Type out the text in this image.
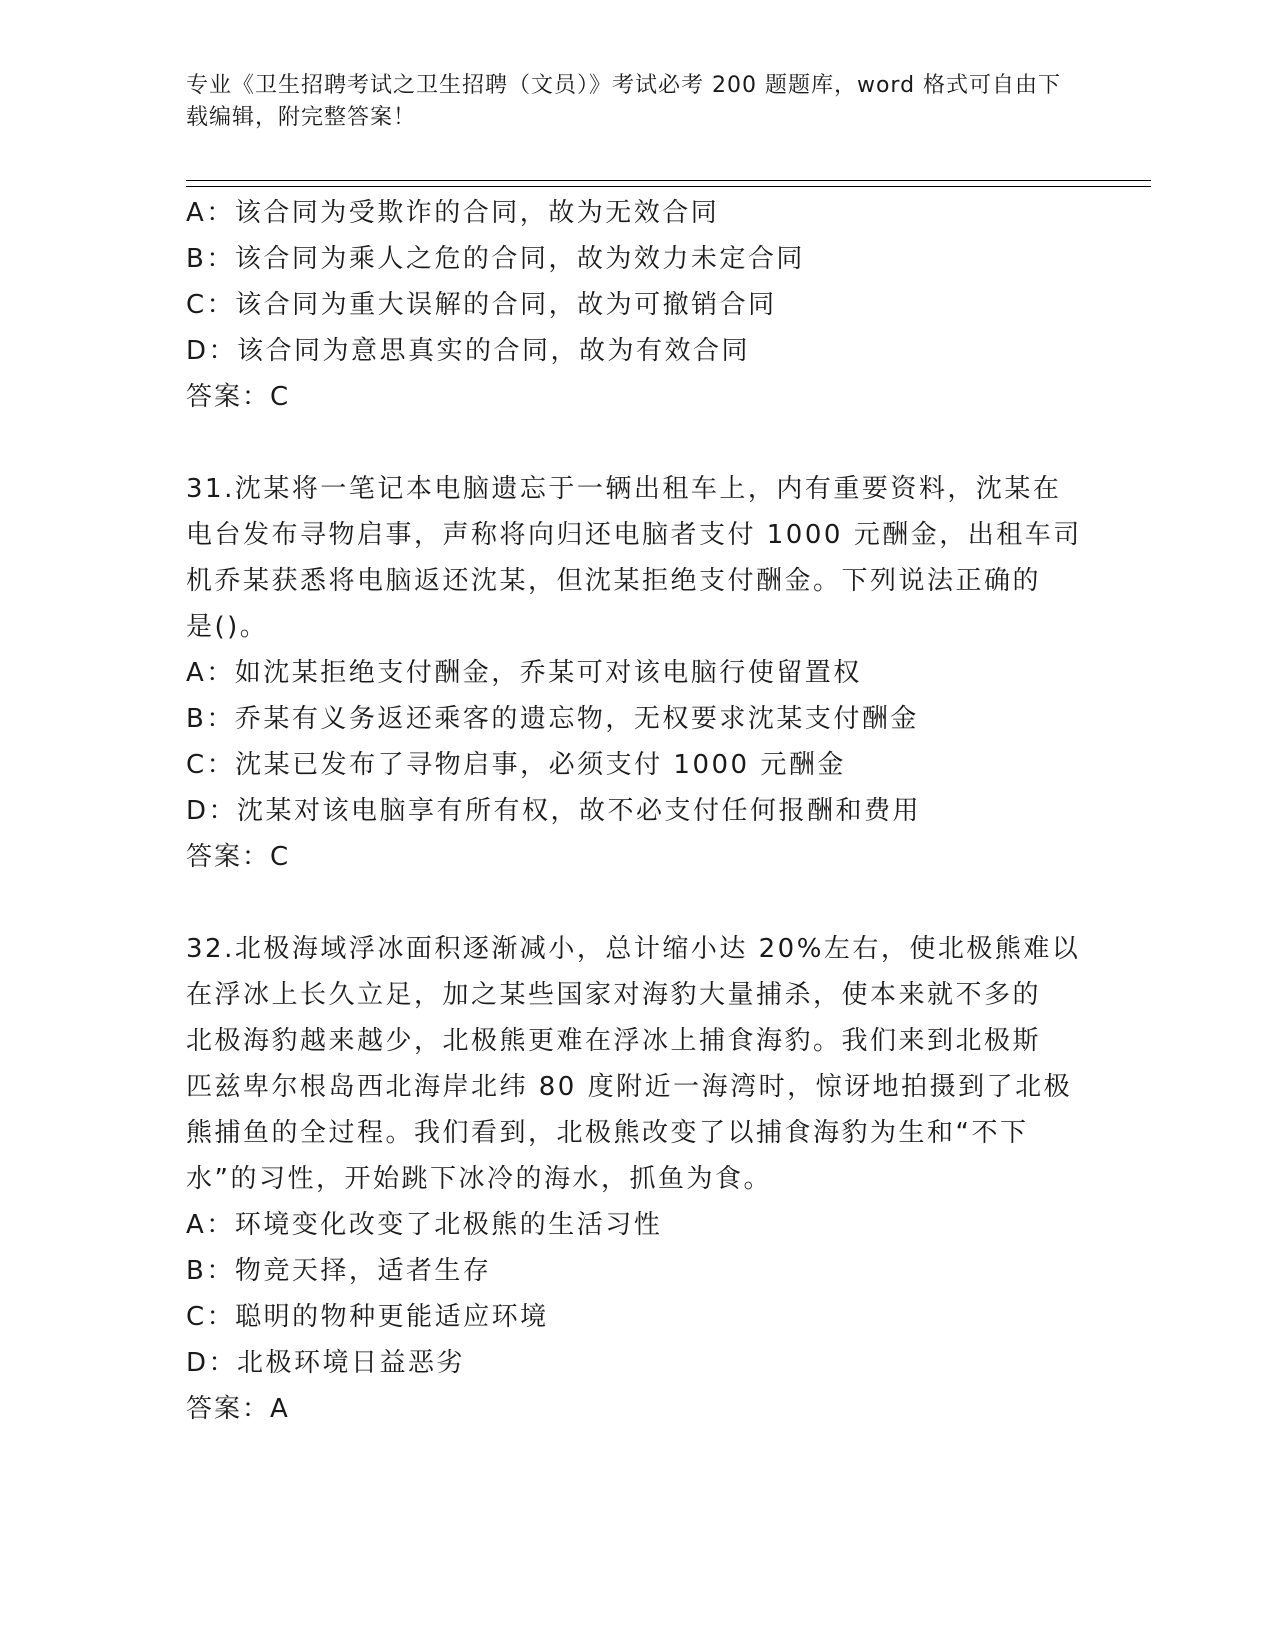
专业《卫生招聘考试之卫生招聘（文员）》考试必考 200 题题库，word 格式可自由下载编辑，附完整答案！
A：该合同为受欺诈的合同，故为无效合同
B：该合同为乘人之危的合同，故为效力未定合同
C：该合同为重大误解的合同，故为可撤销合同
D：该合同为意思真实的合同，故为有效合同
答案：C
31.沈某将一笔记本电脑遗忘于一辆出租车上，内有重要资料，沈某在
电台发布寻物启事，声称将向归还电脑者支付 1000 元酬金，出租车司
机乔某获悉将电脑返还沈某，但沈某拒绝支付酬金。下列说法正确的
是()。
A：如沈某拒绝支付酬金，乔某可对该电脑行使留置权
B：乔某有义务返还乘客的遗忘物，无权要求沈某支付酬金
C：沈某已发布了寻物启事，必须支付 1000 元酬金
D：沈某对该电脑享有所有权，故不必支付任何报酬和费用
答案：C
32.北极海域浮冰面积逐渐减小，总计缩小达 20%左右，使北极熊难以
在浮冰上长久立足，加之某些国家对海豹大量捕杀，使本来就不多的
北极海豹越来越少，北极熊更难在浮冰上捕食海豹。我们来到北极斯
匹兹卑尔根岛西北海岸北纬 80 度附近一海湾时，惊讶地拍摄到了北极
熊捕鱼的全过程。我们看到，北极熊改变了以捕食海豹为生和“不下
水”的习性，开始跳下冰冷的海水，抓鱼为食。
A：环境变化改变了北极熊的生活习性
B：物竞天择，适者生存
C：聪明的物种更能适应环境
D：北极环境日益恶劣
答案：A
